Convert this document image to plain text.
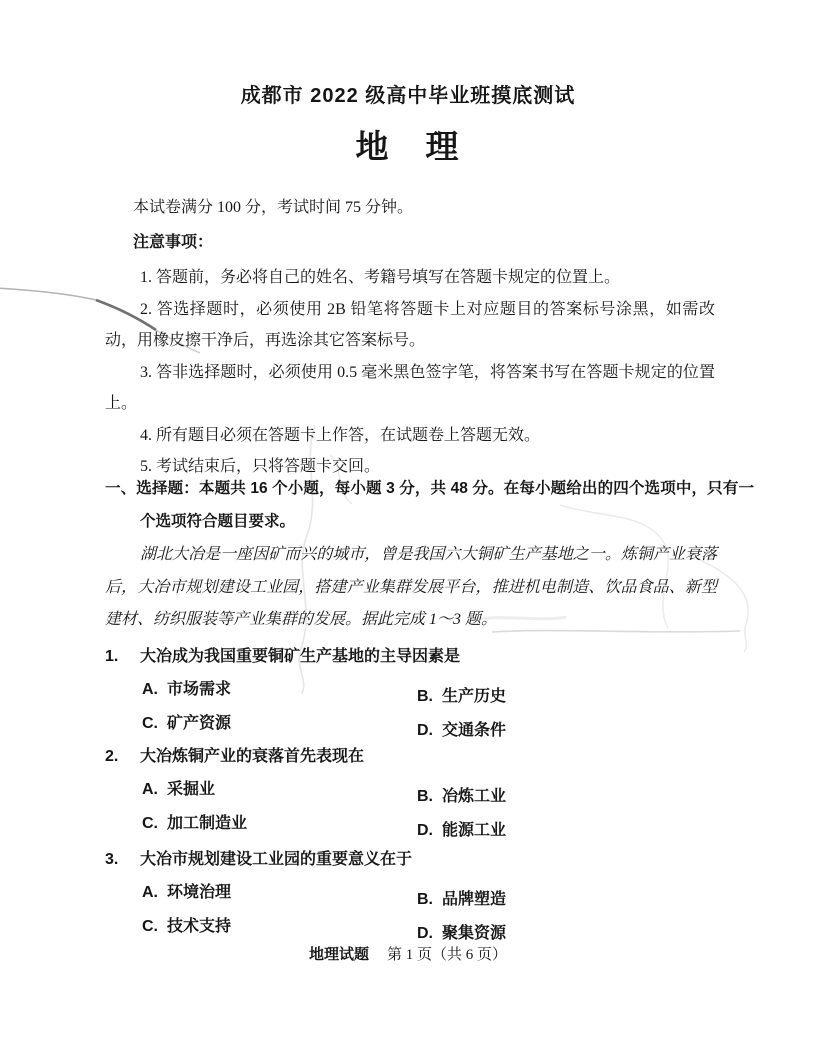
成都市 2022 级高中毕业班摸底测试
地　理
本试卷满分 100 分，考试时间 75 分钟。
注意事项：

1. 答题前，务必将自己的姓名、考籍号填写在答题卡规定的位置上。

2. 答选择题时，必须使用 2B 铅笔将答题卡上对应题目的答案标号涂黑，如需改动，用橡皮擦干净后，再选涂其它答案标号。

3. 答非选择题时，必须使用 0.5 毫米黑色签字笔，将答案书写在答题卡规定的位置上。

4. 所有题目必须在答题卡上作答，在试题卷上答题无效。

5. 考试结束后，只将答题卡交回。

一、选择题：本题共 16 个小题，每小题 3 分，共 48 分。在每小题给出的四个选项中，只有一个选项符合题目要求。
湖北大冶是一座因矿而兴的城市，曾是我国六大铜矿生产基地之一。炼铜产业衰落后，大冶市规划建设工业园，搭建产业集群发展平台，推进机电制造、饮品食品、新型建材、纺织服装等产业集群的发展。据此完成 1～3 题。
1.	大冶成为我国重要铜矿生产基地的主导因素是
A. 市场需求	B. 生产历史
C. 矿产资源	D. 交通条件
2.	大冶炼铜产业的衰落首先表现在
A. 采掘业	B. 冶炼工业
C. 加工制造业	D. 能源工业
3.	大冶市规划建设工业园的重要意义在于
A. 环境治理	B. 品牌塑造
C. 技术支持	D. 聚集资源
地理试题 第 1 页（共 6 页）
